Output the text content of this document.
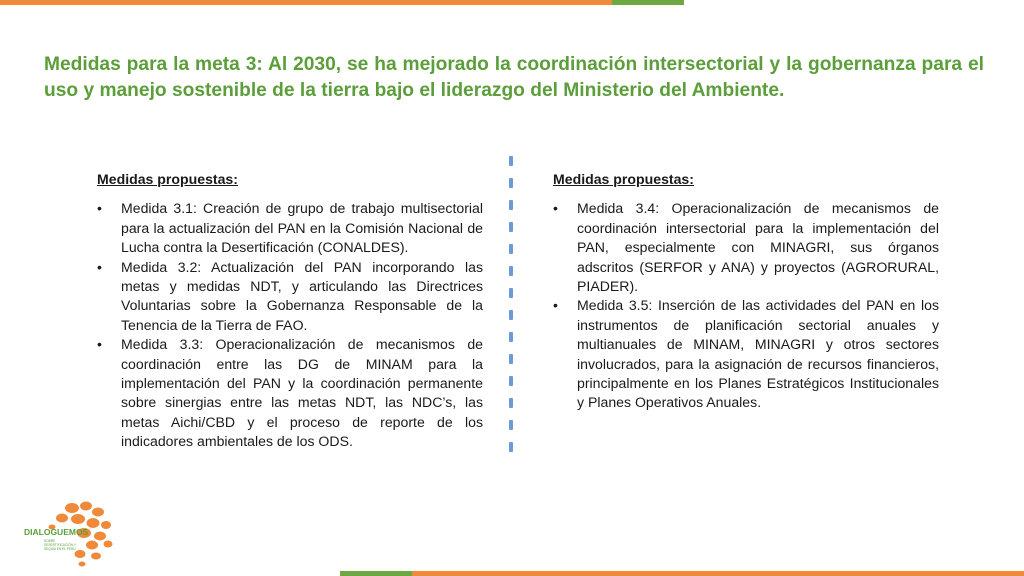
Medidas para la meta 3: Al 2030, se ha mejorado la coordinación intersectorial y la gobernanza para el uso y manejo sostenible de la tierra bajo el liderazgo del Ministerio del Ambiente.
Medidas propuestas:
•	Medida 3.1: Creación de grupo de trabajo multisectorial para la actualización del PAN en la Comisión Nacional de Lucha contra la Desertificación (CONALDES).
•	Medida 3.2: Actualización del PAN incorporando las metas y medidas NDT, y articulando las Directrices Voluntarias sobre la Gobernanza Responsable de la Tenencia de la Tierra de FAO.
•	Medida 3.3: Operacionalización de mecanismos de coordinación entre las DG de MINAM para la implementación del PAN y la coordinación permanente sobre sinergias entre las metas NDT, las NDC’s, las metas Aichi/CBD y el proceso de reporte de los indicadores ambientales de los ODS.
Medidas propuestas:
•	Medida 3.4: Operacionalización de mecanismos de coordinación intersectorial para la implementación del PAN, especialmente con MINAGRI, sus órganos adscritos (SERFOR y ANA) y proyectos (AGRORURAL, PIADER).
•	Medida 3.5: Inserción de las actividades del PAN en los instrumentos de planificación sectorial anuales y multianuales de MINAM, MINAGRI y otros sectores involucrados, para la asignación de recursos financieros, principalmente en los Planes Estratégicos Institucionales y Planes Operativos Anuales.
DIALOGUEMOS
SOBRE
DESERTIFICACIÓN Y
SEQUÍA EN EL PERÚ
